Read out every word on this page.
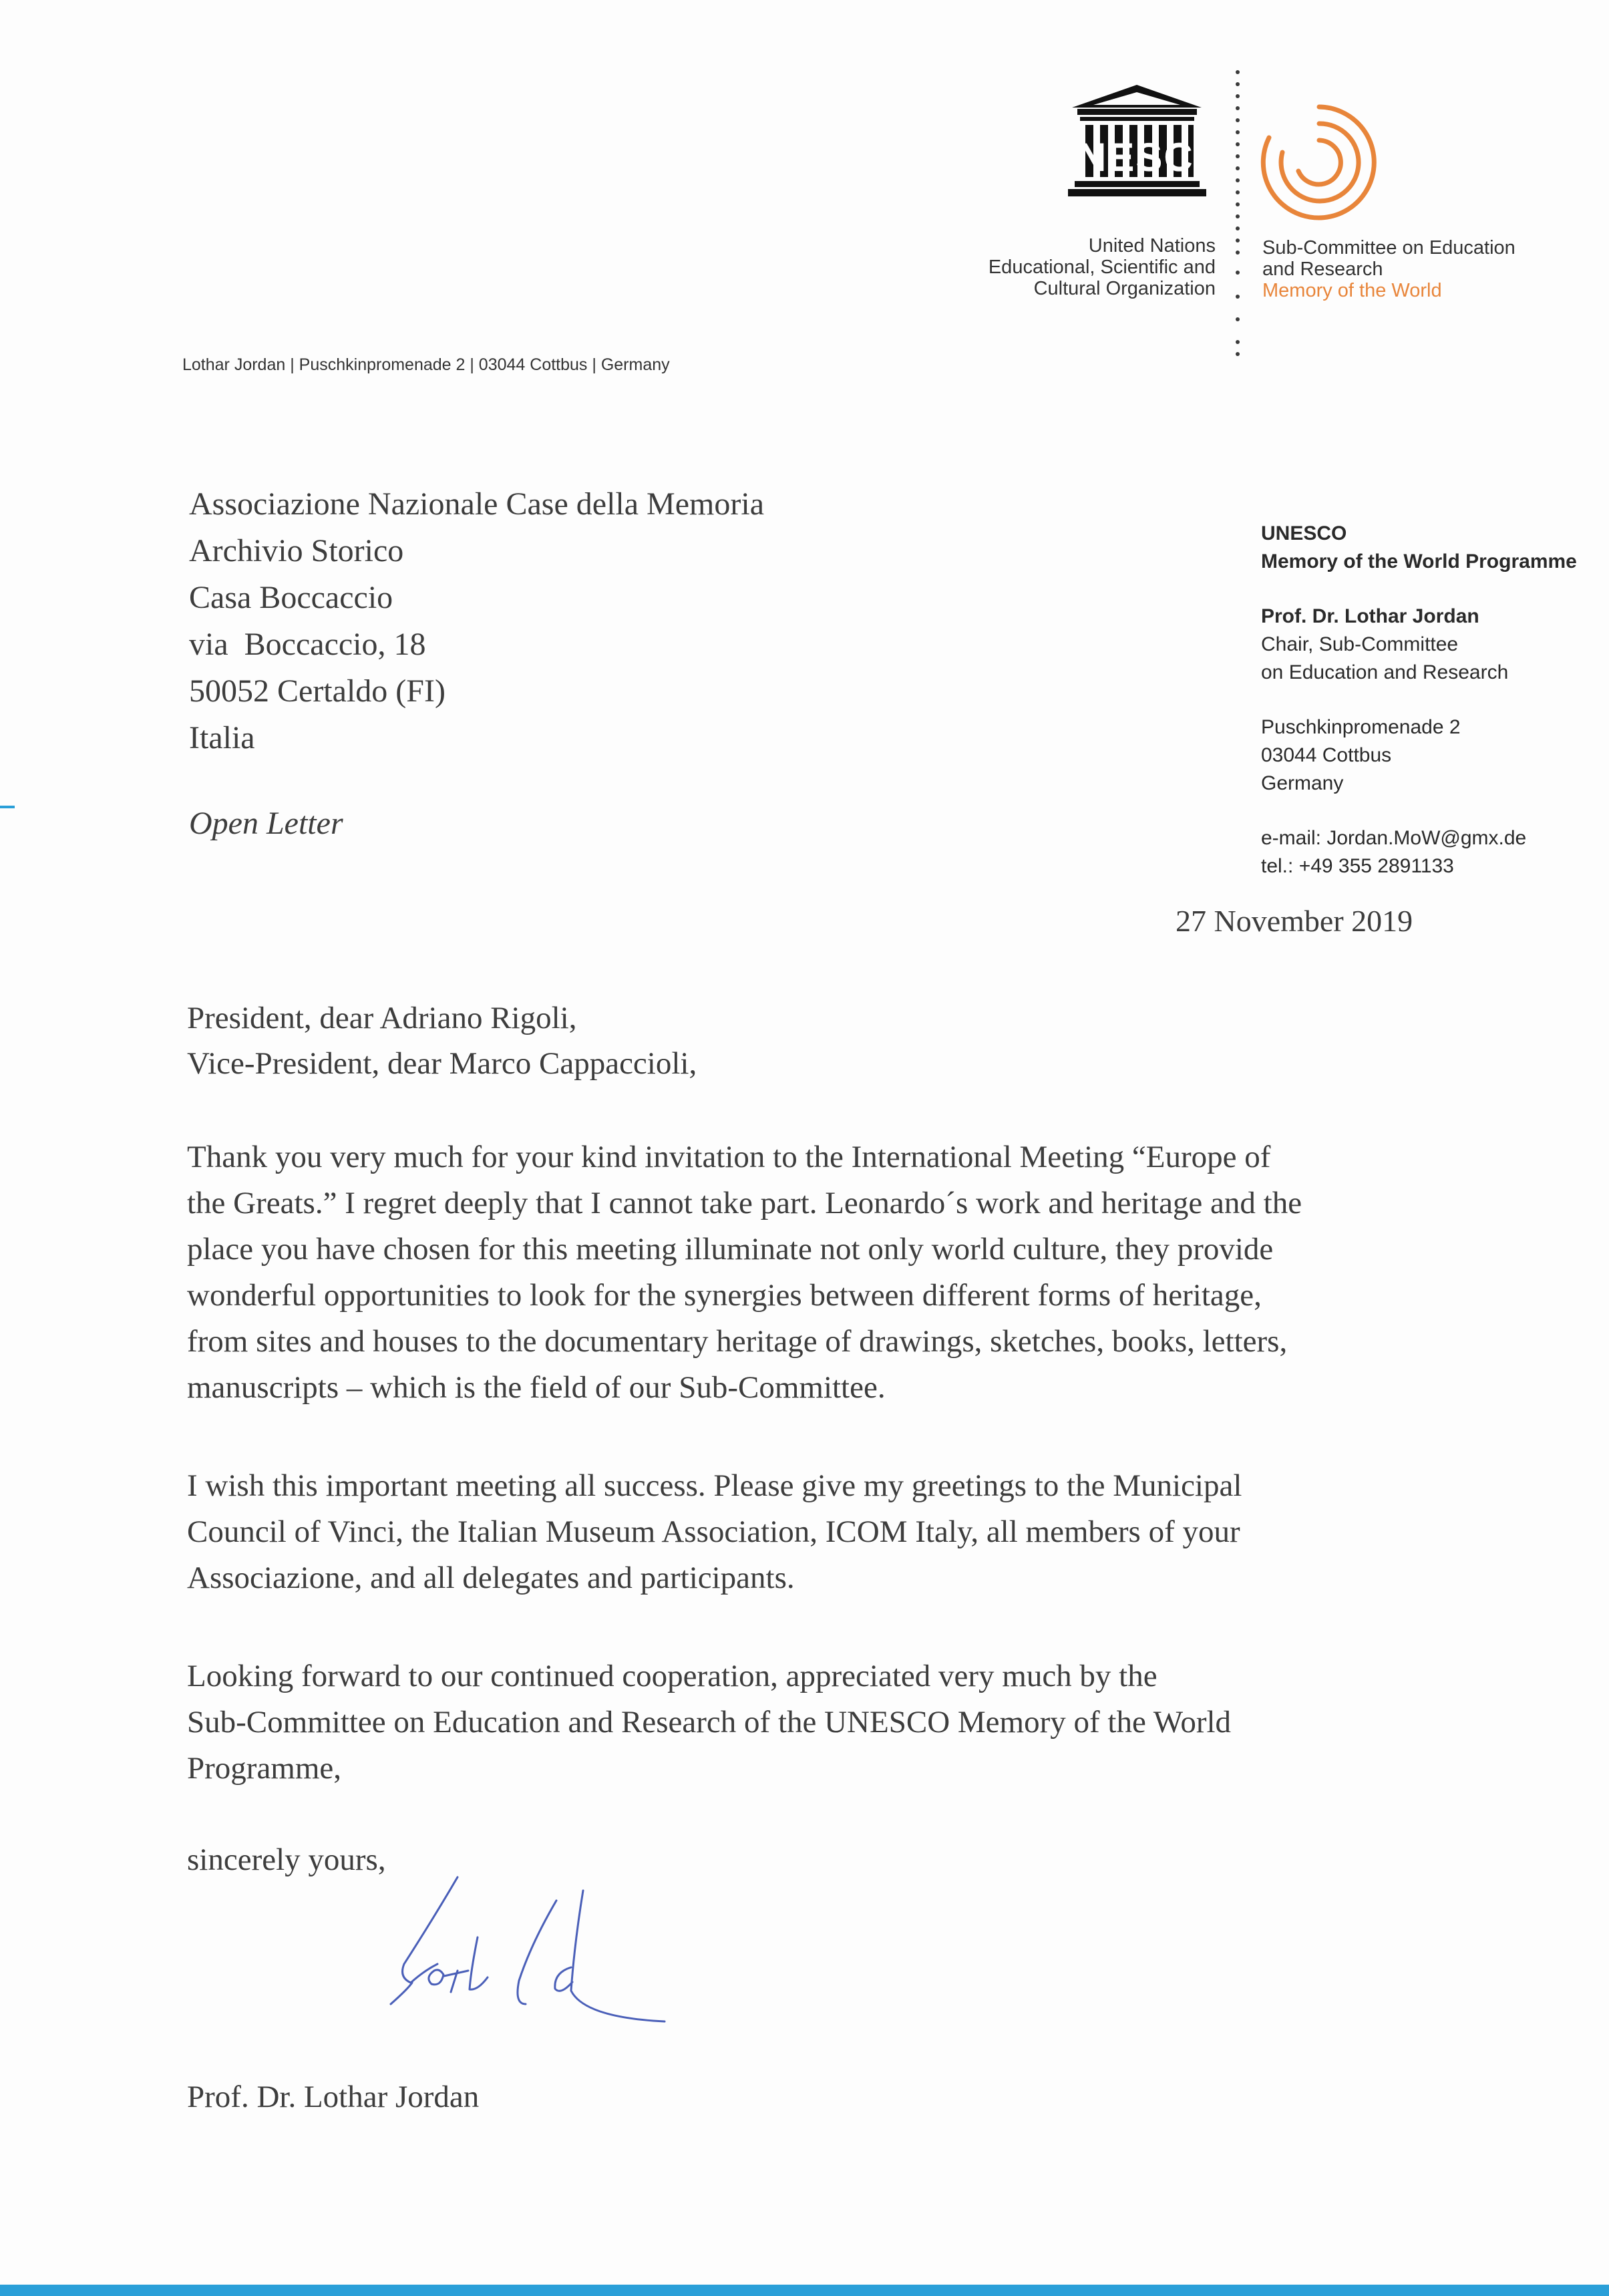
UNESCO
United Nations
Educational, Scientific and
Cultural Organization
Sub-Committee on Education
and Research
Memory of the World
Lothar Jordan | Puschkinpromenade 2 | 03044 Cottbus | Germany
Associazione Nazionale Case della Memoria
Archivio Storico
Casa Boccaccio
via  Boccaccio, 18
50052 Certaldo (FI)
Italia
Open Letter
UNESCO
Memory of the World Programme
Prof. Dr. Lothar Jordan
Chair, Sub-Committee
on Education and Research
Puschkinpromenade 2
03044 Cottbus
Germany
e-mail: Jordan.MoW@gmx.de
tel.: +49 355 2891133
27 November 2019
President, dear Adriano Rigoli,
Vice-President, dear Marco Cappaccioli,
Thank you very much for your kind invitation to the International Meeting “Europe of
the Greats.” I regret deeply that I cannot take part. Leonardo´s work and heritage and the
place you have chosen for this meeting illuminate not only world culture, they provide
wonderful opportunities to look for the synergies between different forms of heritage,
from sites and houses to the documentary heritage of drawings, sketches, books, letters,
manuscripts – which is the field of our Sub-Committee.
I wish this important meeting all success. Please give my greetings to the Municipal
Council of Vinci, the Italian Museum Association, ICOM Italy, all members of your
Associazione, and all delegates and participants.
Looking forward to our continued cooperation, appreciated very much by the
Sub-Committee on Education and Research of the UNESCO Memory of the World
Programme,
sincerely yours,
Prof. Dr. Lothar Jordan
